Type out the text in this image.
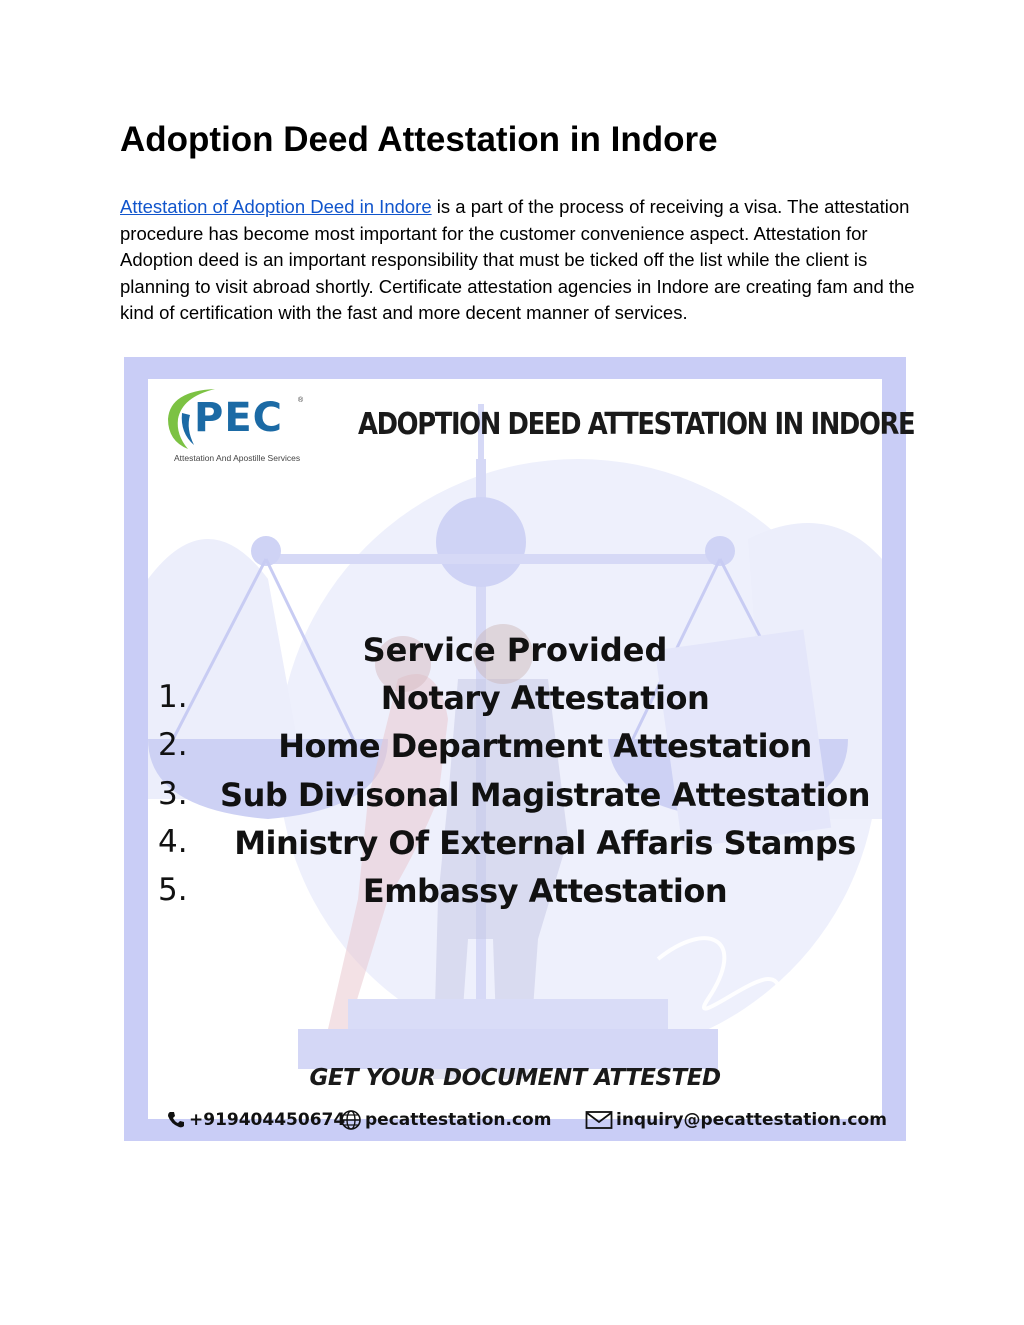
Adoption Deed Attestation in Indore

Attestation of Adoption Deed in Indore is a part of the process of receiving a visa. The attestation procedure has become most important for the customer convenience aspect. Attestation for Adoption deed is an important responsibility that must be ticked off the list while the client is planning to visit abroad shortly. Certificate attestation agencies in Indore are creating fam and the kind of certification with the fast and more decent manner of services.

PEC ®
Attestation And Apostille Services
ADOPTION DEED ATTESTATION IN INDORE
Service Provided
1.	Notary Attestation
2.	Home Department Attestation
3.	Sub Divisonal Magistrate Attestation
4.	Ministry Of External Affaris Stamps
5.	Embassy Attestation
GET YOUR DOCUMENT ATTESTED
+919404450674 pecattestation.com	inquiry@pecattestation.com
